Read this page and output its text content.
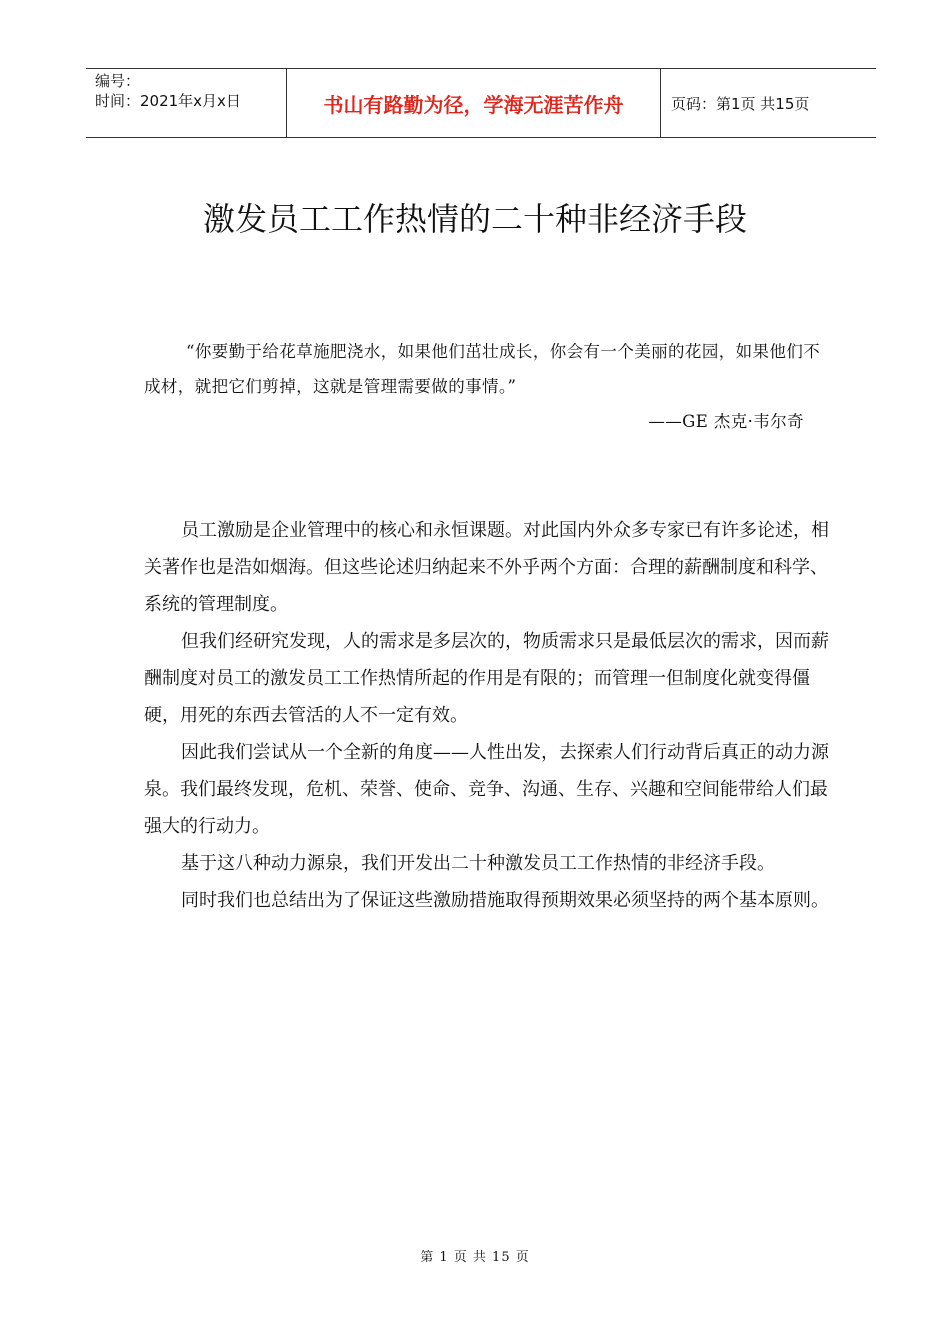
编号：
时间：2021年x月x日	书山有路勤为径，学海无涯苦作舟	页码：第1页 共15页
激发员工工作热情的二十种非经济手段

“你要勤于给花草施肥浇水，如果他们茁壮成长，你会有一个美丽的花园，如果他们不成材，就把它们剪掉，这就是管理需要做的事情。”

——GE 杰克·韦尔奇

员工激励是企业管理中的核心和永恒课题。对此国内外众多专家已有许多论述，相关著作也是浩如烟海。但这些论述归纳起来不外乎两个方面：合理的薪酬制度和科学、系统的管理制度。

但我们经研究发现，人的需求是多层次的，物质需求只是最低层次的需求，因而薪酬制度对员工的激发员工工作热情所起的作用是有限的；而管理一但制度化就变得僵硬，用死的东西去管活的人不一定有效。

因此我们尝试从一个全新的角度——人性出发，去探索人们行动背后真正的动力源泉。我们最终发现，危机、荣誉、使命、竞争、沟通、生存、兴趣和空间能带给人们最强大的行动力。

基于这八种动力源泉，我们开发出二十种激发员工工作热情的非经济手段。

同时我们也总结出为了保证这些激励措施取得预期效果必须坚持的两个基本原则。

第 1 页 共 15 页
